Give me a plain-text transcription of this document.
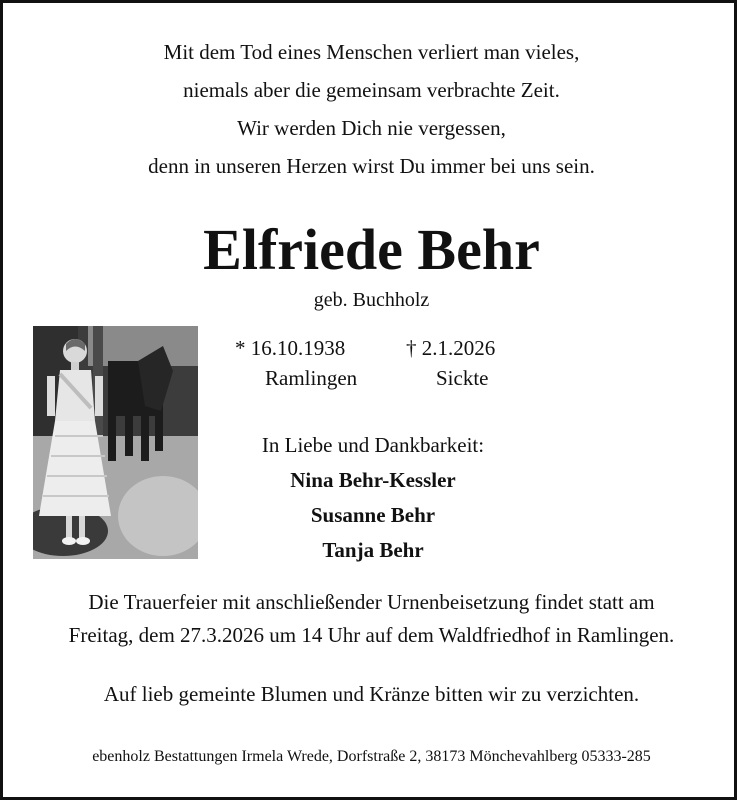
Mit dem Tod eines Menschen verliert man vieles,
niemals aber die gemeinsam verbrachte Zeit.
Wir werden Dich nie vergessen,
denn in unseren Herzen wirst Du immer bei uns sein.
Elfriede Behr
geb. Buchholz
* 16.10.1938
Ramlingen
† 2.1.2026
Sickte
In Liebe und Dankbarkeit:
Nina Behr-Kessler
Susanne Behr
Tanja Behr
Die Trauerfeier mit anschließender Urnenbeisetzung findet statt am
Freitag, dem 27.3.2026 um 14 Uhr auf dem Waldfriedhof in Ramlingen.
Auf lieb gemeinte Blumen und Kränze bitten wir zu verzichten.
ebenholz Bestattungen Irmela Wrede, Dorfstraße 2, 38173 Mönchevahlberg 05333-285
